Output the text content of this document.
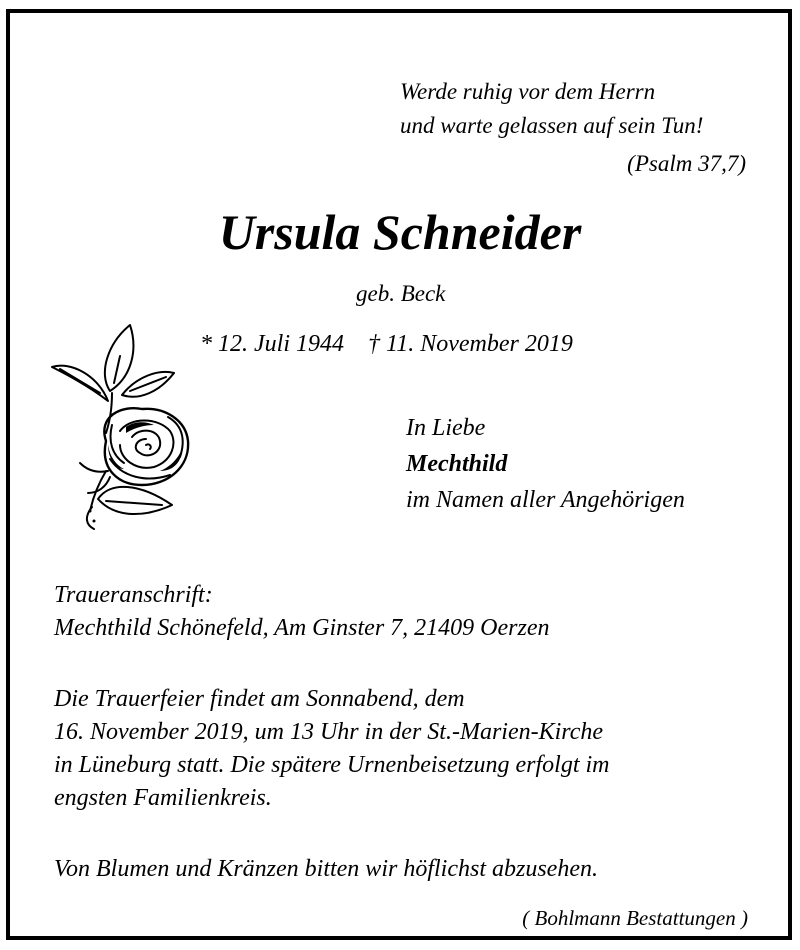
Werde ruhig vor dem Herrn
und warte gelassen auf sein Tun!
(Psalm 37,7)
Ursula Schneider
geb. Beck
* 12. Juli 1944 † 11. November 2019
In Liebe
Mechthild
im Namen aller Angehörigen
Traueranschrift:
Mechthild Schönefeld, Am Ginster 7, 21409 Oerzen
Die Trauerfeier findet am Sonnabend, dem
16. November 2019, um 13 Uhr in der St.-Marien-Kirche
in Lüneburg statt. Die spätere Urnenbeisetzung erfolgt im
engsten Familienkreis.
Von Blumen und Kränzen bitten wir höflichst abzusehen.
( Bohlmann Bestattungen )
